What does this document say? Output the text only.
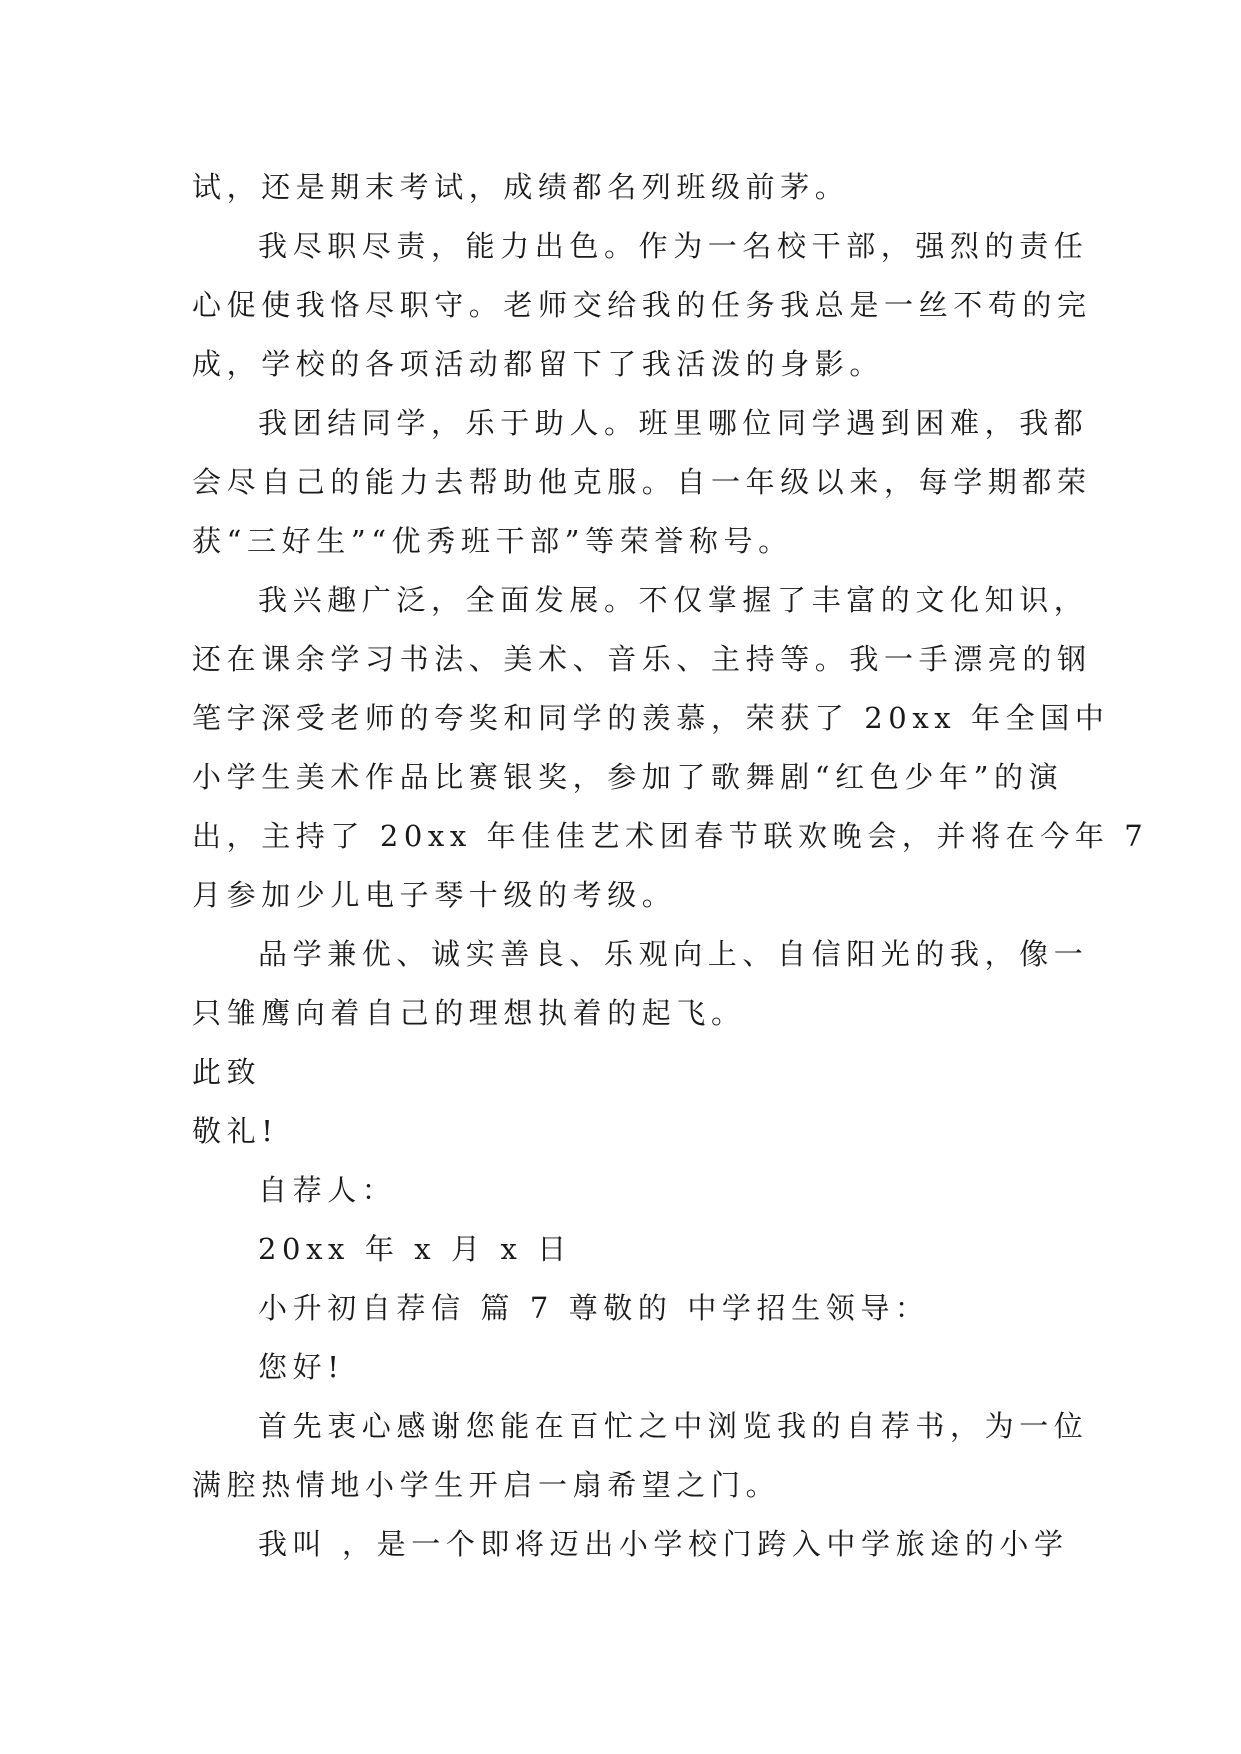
试，还是期末考试，成绩都名列班级前茅。
我尽职尽责，能力出色。作为一名校干部，强烈的责任
心促使我恪尽职守。老师交给我的任务我总是一丝不苟的完
成，学校的各项活动都留下了我活泼的身影。
我团结同学，乐于助人。班里哪位同学遇到困难，我都
会尽自己的能力去帮助他克服。自一年级以来，每学期都荣
获“三好生”“优秀班干部”等荣誉称号。
我兴趣广泛，全面发展。不仅掌握了丰富的文化知识，
还在课余学习书法、美术、音乐、主持等。我一手漂亮的钢
笔字深受老师的夸奖和同学的羡慕，荣获了 20xx 年全国中
小学生美术作品比赛银奖，参加了歌舞剧“红色少年”的演
出，主持了 20xx 年佳佳艺术团春节联欢晚会，并将在今年 7
月参加少儿电子琴十级的考级。
品学兼优、诚实善良、乐观向上、自信阳光的我，像一
只雏鹰向着自己的理想执着的起飞。
此致
敬礼!
自荐人：
20xx 年 x 月 x 日
小升初自荐信 篇 7 尊敬的 中学招生领导：
您好!
首先衷心感谢您能在百忙之中浏览我的自荐书，为一位
满腔热情地小学生开启一扇希望之门。
我叫 ，是一个即将迈出小学校门跨入中学旅途的小学
